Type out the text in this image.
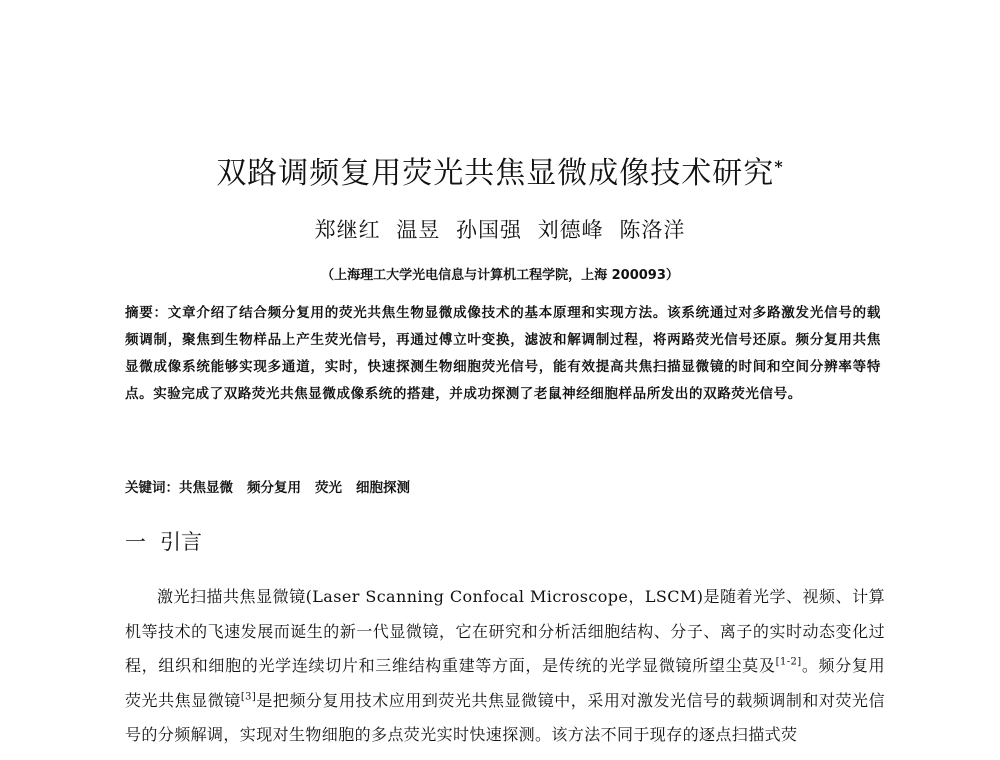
双路调频复用荧光共焦显微成像技术研究*
郑继红 温昱 孙国强 刘德峰 陈洛洋
（上海理工大学光电信息与计算机工程学院，上海 200093）
摘要：文章介绍了结合频分复用的荧光共焦生物显微成像技术的基本原理和实现方法。该系统通过对多路激发光信号的载频调制，聚焦到生物样品上产生荧光信号，再通过傅立叶变换，滤波和解调制过程，将两路荧光信号还原。频分复用共焦显微成像系统能够实现多通道，实时，快速探测生物细胞荧光信号，能有效提高共焦扫描显微镜的时间和空间分辨率等特点。实验完成了双路荧光共焦显微成像系统的搭建，并成功探测了老鼠神经细胞样品所发出的双路荧光信号。
关键词：共焦显微 频分复用 荧光 细胞探测
一 引言
激光扫描共焦显微镜(Laser Scanning Confocal Microscope，LSCM)是随着光学、视频、计算机等技术的飞速发展而诞生的新一代显微镜，它在研究和分析活细胞结构、分子、离子的实时动态变化过程，组织和细胞的光学连续切片和三维结构重建等方面，是传统的光学显微镜所望尘莫及[1-2]。频分复用荧光共焦显微镜[3]是把频分复用技术应用到荧光共焦显微镜中，采用对激发光信号的载频调制和对荧光信号的分频解调，实现对生物细胞的多点荧光实时快速探测。该方法不同于现存的逐点扫描式荧
